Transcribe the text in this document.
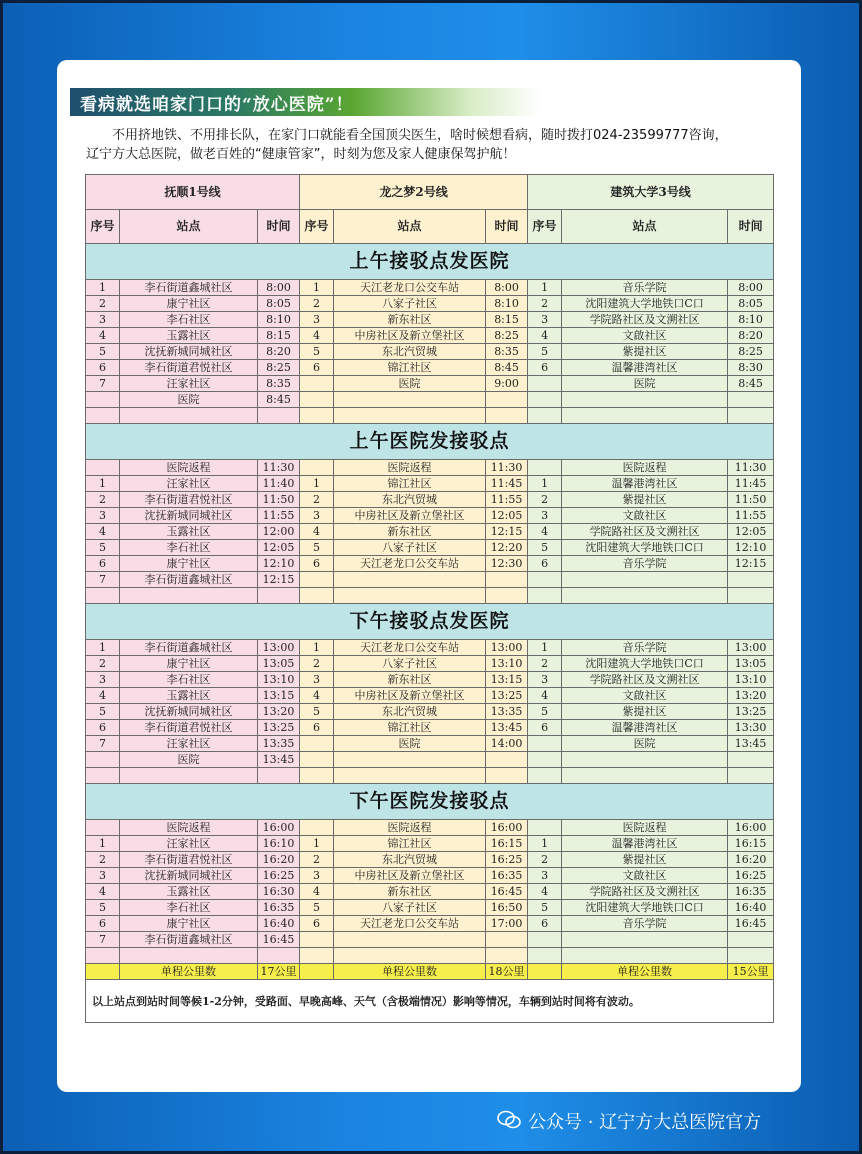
看病就选咱家门口的“放心医院”！

不用挤地铁、不用排长队，在家门口就能看全国顶尖医生，啥时候想看病，随时拨打024-23599777咨询，

辽宁方大总医院，做老百姓的“健康管家”，时刻为您及家人健康保驾护航！

抚顺1号线			龙之梦2号线			建筑大学3号线		
序号	站点	时间	序号	站点	时间	序号	站点	时间
上午接驳点发医院								
1	李石街道鑫城社区	8:00	1	天江老龙口公交车站	8:00	1	音乐学院	8:00
2	康宁社区	8:05	2	八家子社区	8:10	2	沈阳建筑大学地铁口C口	8:05
3	李石社区	8:10	3	新东社区	8:15	3	学院路社区及文溯社区	8:10
4	玉露社区	8:15	4	中房社区及新立堡社区	8:25	4	文啟社区	8:20
5	沈抚新城同城社区	8:20	5	东北汽贸城	8:35	5	紫提社区	8:25
6	李石街道君悦社区	8:25	6	锦江社区	8:45	6	温馨港湾社区	8:30
7	汪家社区	8:35		医院	9:00		医院	8:45
	医院	8:45						

上午医院发接驳点								
	医院返程	11:30		医院返程	11:30		医院返程	11:30
1	汪家社区	11:40	1	锦江社区	11:45	1	温馨港湾社区	11:45
2	李石街道君悦社区	11:50	2	东北汽贸城	11:55	2	紫提社区	11:50
3	沈抚新城同城社区	11:55	3	中房社区及新立堡社区	12:05	3	文啟社区	11:55
4	玉露社区	12:00	4	新东社区	12:15	4	学院路社区及文溯社区	12:05
5	李石社区	12:05	5	八家子社区	12:20	5	沈阳建筑大学地铁口C口	12:10
6	康宁社区	12:10	6	天江老龙口公交车站	12:30	6	音乐学院	12:15
7	李石街道鑫城社区	12:15						

下午接驳点发医院								
1	李石街道鑫城社区	13:00	1	天江老龙口公交车站	13:00	1	音乐学院	13:00
2	康宁社区	13:05	2	八家子社区	13:10	2	沈阳建筑大学地铁口C口	13:05
3	李石社区	13:10	3	新东社区	13:15	3	学院路社区及文溯社区	13:10
4	玉露社区	13:15	4	中房社区及新立堡社区	13:25	4	文啟社区	13:20
5	沈抚新城同城社区	13:20	5	东北汽贸城	13:35	5	紫提社区	13:25
6	李石街道君悦社区	13:25	6	锦江社区	13:45	6	温馨港湾社区	13:30
7	汪家社区	13:35		医院	14:00		医院	13:45
	医院	13:45						

下午医院发接驳点								
	医院返程	16:00		医院返程	16:00		医院返程	16:00
1	汪家社区	16:10	1	锦江社区	16:15	1	温馨港湾社区	16:15
2	李石街道君悦社区	16:20	2	东北汽贸城	16:25	2	紫提社区	16:20
3	沈抚新城同城社区	16:25	3	中房社区及新立堡社区	16:35	3	文啟社区	16:25
4	玉露社区	16:30	4	新东社区	16:45	4	学院路社区及文溯社区	16:35
5	李石社区	16:35	5	八家子社区	16:50	5	沈阳建筑大学地铁口C口	16:40
6	康宁社区	16:40	6	天江老龙口公交车站	17:00	6	音乐学院	16:45
7	李石街道鑫城社区	16:45						

	单程公里数	17公里		单程公里数	18公里		单程公里数	15公里
以上站点到站时间等候1-2分钟，受路面、早晚高峰、天气（含极端情况）影响等情况，车辆到站时间将有波动。								
公众号 · 辽宁方大总医院官方
